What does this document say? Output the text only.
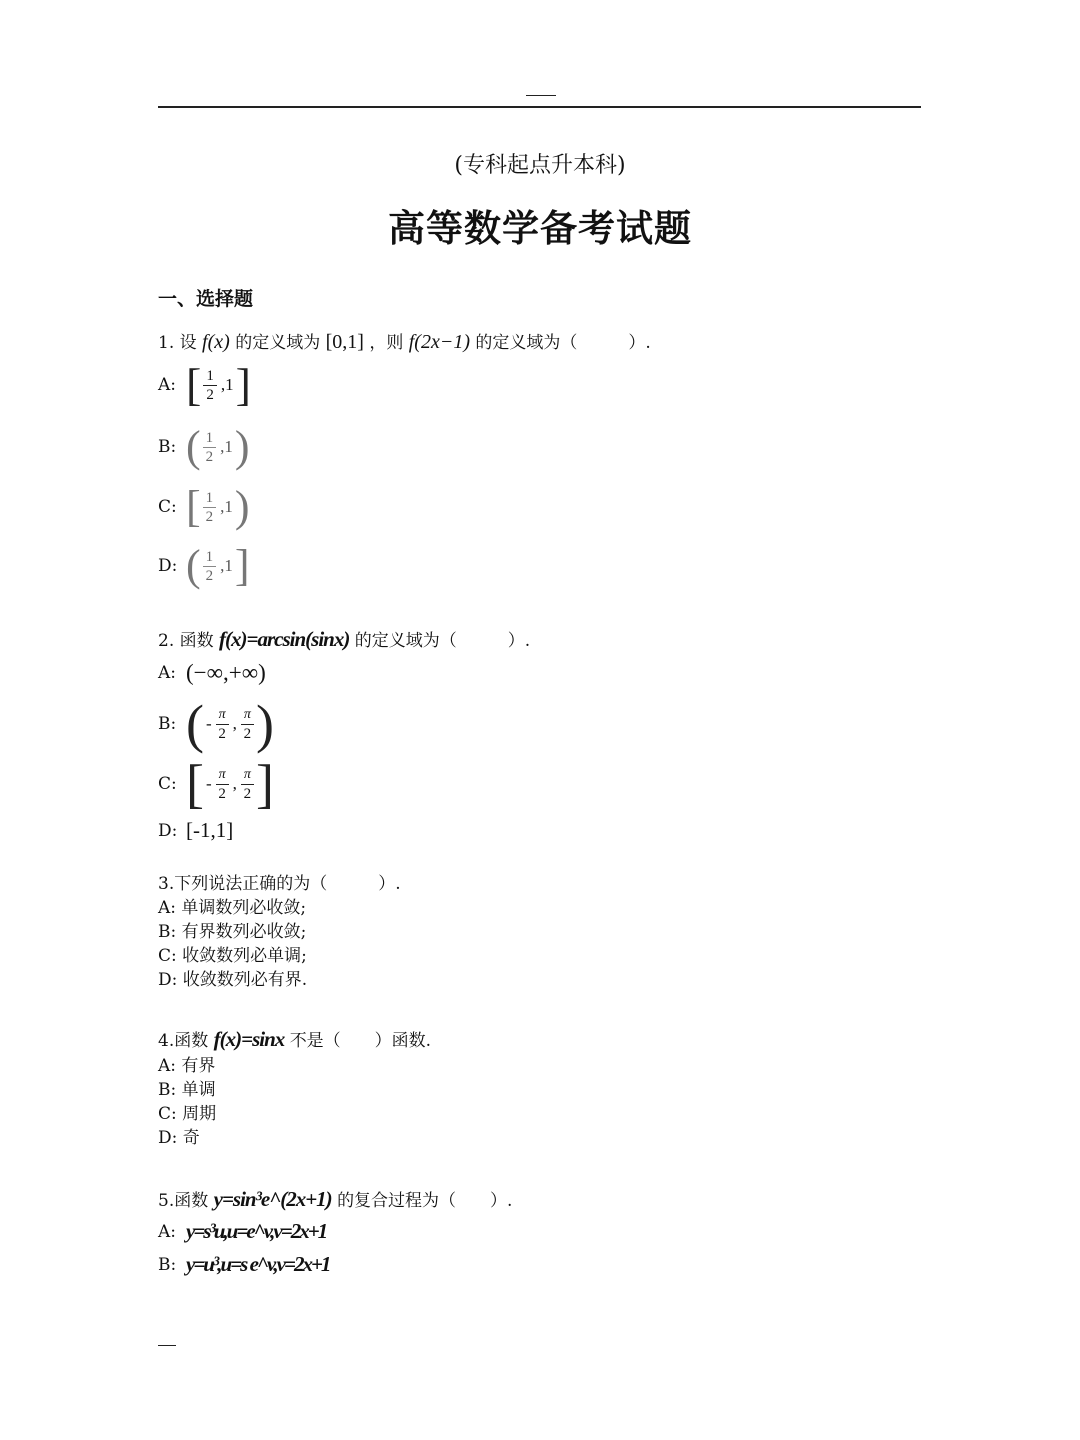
(专科起点升本科)
高等数学备考试题
一、选择题
1. 设 f(x) 的定义域为 [0,1] ，则 f(2x−1) 的定义域为（　　　）.
A: [ $\frac{1}{2} ,1$ ]
B: ( $\frac{1}{2} ,1$ )
C: [ $\frac{1}{2} ,1$ )
D: ( $\frac{1}{2} ,1$ ]
2. 函数 f(x)=arcsin(sinx) 的定义域为（　　　）.
A: (−∞,+∞)
B: ( - $\frac{\pi}{2}$ , $\frac{\pi}{2}$ )
C: [ - $\frac{\pi}{2}$ , $\frac{\pi}{2}$ ]
D: [-1,1]
3.下列说法正确的为（　　　）.
A: 单调数列必收敛;
B: 有界数列必收敛;
C: 收敛数列必单调;
D: 收敛数列必有界.
4.函数 f(x)=sinx 不是（　　）函数.
A: 有界
B: 单调
C: 周期
D: 奇
5.函数 y=sin³e^(2x+1) 的复合过程为（　　）.
A: y=s³u,u=e^v,v=2x+1
B: y=u³,u=s e^v,v=2x+1
